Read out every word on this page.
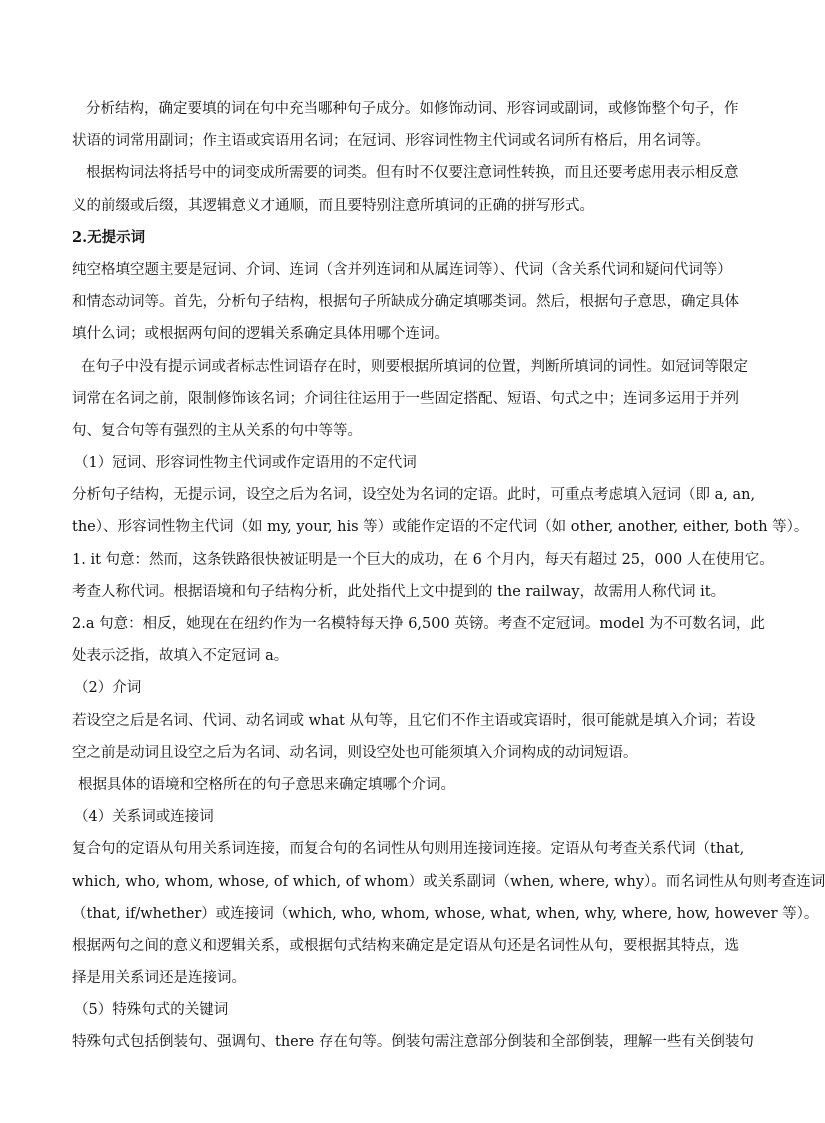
分析结构，确定要填的词在句中充当哪种句子成分。如修饰动词、形容词或副词，或修饰整个句子，作
状语的词常用副词；作主语或宾语用名词；在冠词、形容词性物主代词或名词所有格后，用名词等。
根据构词法将括号中的词变成所需要的词类。但有时不仅要注意词性转换，而且还要考虑用表示相反意
义的前缀或后缀，其逻辑意义才通顺，而且要特别注意所填词的正确的拼写形式。
2.无提示词
纯空格填空题主要是冠词、介词、连词（含并列连词和从属连词等）、代词（含关系代词和疑问代词等）
和情态动词等。首先，分析句子结构，根据句子所缺成分确定填哪类词。然后，根据句子意思，确定具体
填什么词；或根据两句间的逻辑关系确定具体用哪个连词。
在句子中没有提示词或者标志性词语存在时，则要根据所填词的位置，判断所填词的词性。如冠词等限定
词常在名词之前，限制修饰该名词；介词往往运用于一些固定搭配、短语、句式之中；连词多运用于并列
句、复合句等有强烈的主从关系的句中等等。
（1）冠词、形容词性物主代词或作定语用的不定代词
分析句子结构，无提示词，设空之后为名词，设空处为名词的定语。此时，可重点考虑填入冠词（即 a, an,
the）、形容词性物主代词（如 my, your, his 等）或能作定语的不定代词（如 other, another, either, both 等）。
1. it 句意：然而，这条铁路很快被证明是一个巨大的成功，在 6 个月内，每天有超过 25，000 人在使用它。
考查人称代词。根据语境和句子结构分析，此处指代上文中提到的 the railway，故需用人称代词 it。
2.a 句意：相反，她现在在纽约作为一名模特每天挣 6,500 英镑。考查不定冠词。model 为不可数名词，此
处表示泛指，故填入不定冠词 a。
（2）介词
若设空之后是名词、代词、动名词或 what 从句等，且它们不作主语或宾语时，很可能就是填入介词；若设
空之前是动词且设空之后为名词、动名词，则设空处也可能须填入介词构成的动词短语。
根据具体的语境和空格所在的句子意思来确定填哪个介词。
（4）关系词或连接词
复合句的定语从句用关系词连接，而复合句的名词性从句则用连接词连接。定语从句考查关系代词（that,
which, who, whom, whose, of which, of whom）或关系副词（when, where, why）。而名词性从句则考查连词
（that, if/whether）或连接词（which, who, whom, whose, what, when, why, where, how, however 等）。
根据两句之间的意义和逻辑关系，或根据句式结构来确定是定语从句还是名词性从句，要根据其特点，选
择是用关系词还是连接词。
（5）特殊句式的关键词
特殊句式包括倒装句、强调句、there 存在句等。倒装句需注意部分倒装和全部倒装，理解一些有关倒装句
